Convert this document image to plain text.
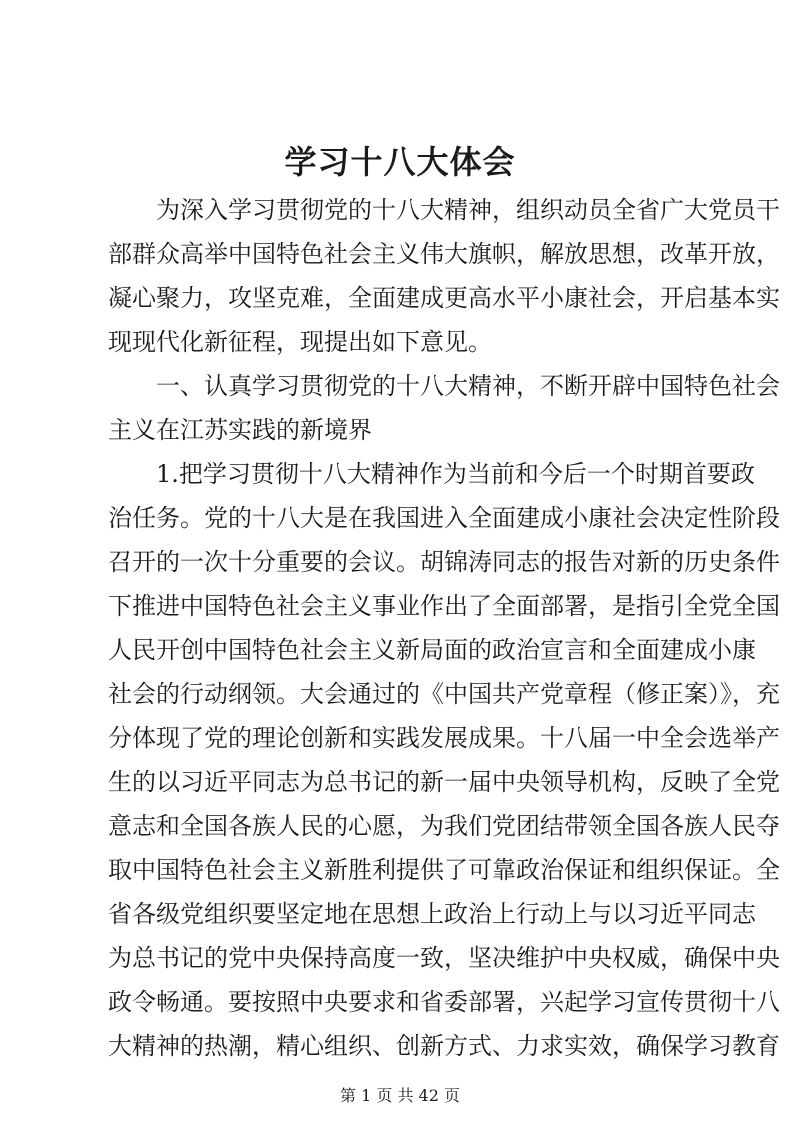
学习十八大体会

为深入学习贯彻党的十八大精神，组织动员全省广大党员干

部群众高举中国特色社会主义伟大旗帜，解放思想，改革开放，

凝心聚力，攻坚克难，全面建成更高水平小康社会，开启基本实

现现代化新征程，现提出如下意见。

一、认真学习贯彻党的十八大精神，不断开辟中国特色社会

主义在江苏实践的新境界

1.把学习贯彻十八大精神作为当前和今后一个时期首要政

治任务。党的十八大是在我国进入全面建成小康社会决定性阶段

召开的一次十分重要的会议。胡锦涛同志的报告对新的历史条件

下推进中国特色社会主义事业作出了全面部署，是指引全党全国

人民开创中国特色社会主义新局面的政治宣言和全面建成小康

社会的行动纲领。大会通过的《中国共产党章程（修正案）》，充

分体现了党的理论创新和实践发展成果。十八届一中全会选举产

生的以习近平同志为总书记的新一届中央领导机构，反映了全党

意志和全国各族人民的心愿，为我们党团结带领全国各族人民夺

取中国特色社会主义新胜利提供了可靠政治保证和组织保证。全

省各级党组织要坚定地在思想上政治上行动上与以习近平同志

为总书记的党中央保持高度一致，坚决维护中央权威，确保中央

政令畅通。要按照中央要求和省委部署，兴起学习宣传贯彻十八

大精神的热潮，精心组织、创新方式、力求实效，确保学习教育

第 1 页 共 42 页
